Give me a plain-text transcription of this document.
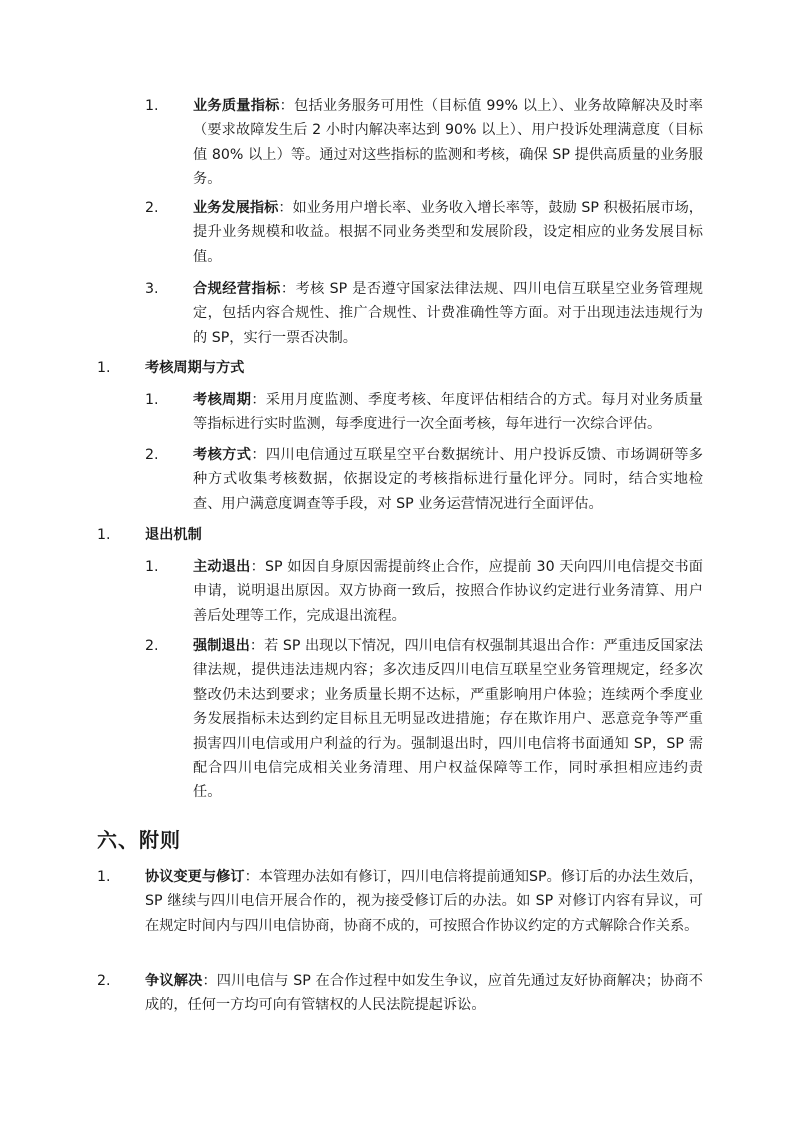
1.	业务质量指标：包括业务服务可用性（目标值 99% 以上）、业务故障解决及时率（要求故障发生后 2 小时内解决率达到 90% 以上）、用户投诉处理满意度（目标值 80% 以上）等。通过对这些指标的监测和考核，确保 SP 提供高质量的业务服务。
2.	业务发展指标：如业务用户增长率、业务收入增长率等，鼓励 SP 积极拓展市场，提升业务规模和收益。根据不同业务类型和发展阶段，设定相应的业务发展目标值。
3.	合规经营指标：考核 SP 是否遵守国家法律法规、四川电信互联星空业务管理规定，包括内容合规性、推广合规性、计费准确性等方面。对于出现违法违规行为的 SP，实行一票否决制。
1.	考核周期与方式
1.	考核周期：采用月度监测、季度考核、年度评估相结合的方式。每月对业务质量等指标进行实时监测，每季度进行一次全面考核，每年进行一次综合评估。
2.	考核方式：四川电信通过互联星空平台数据统计、用户投诉反馈、市场调研等多种方式收集考核数据，依据设定的考核指标进行量化评分。同时，结合实地检查、用户满意度调查等手段，对 SP 业务运营情况进行全面评估。
1.	退出机制
1.	主动退出：SP 如因自身原因需提前终止合作，应提前 30 天向四川电信提交书面申请，说明退出原因。双方协商一致后，按照合作协议约定进行业务清算、用户善后处理等工作，完成退出流程。
2.	强制退出：若 SP 出现以下情况，四川电信有权强制其退出合作：严重违反国家法律法规，提供违法违规内容；多次违反四川电信互联星空业务管理规定，经多次整改仍未达到要求；业务质量长期不达标，严重影响用户体验；连续两个季度业务发展指标未达到约定目标且无明显改进措施；存在欺诈用户、恶意竞争等严重损害四川电信或用户利益的行为。强制退出时，四川电信将书面通知 SP，SP 需配合四川电信完成相关业务清理、用户权益保障等工作，同时承担相应违约责任。
六、附则
1.	协议变更与修订：本管理办法如有修订，四川电信将提前通知SP。修订后的办法生效后，SP 继续与四川电信开展合作的，视为接受修订后的办法。如 SP 对修订内容有异议，可在规定时间内与四川电信协商，协商不成的，可按照合作协议约定的方式解除合作关系。
2.	争议解决：四川电信与 SP 在合作过程中如发生争议，应首先通过友好协商解决；协商不成的，任何一方均可向有管辖权的人民法院提起诉讼。
